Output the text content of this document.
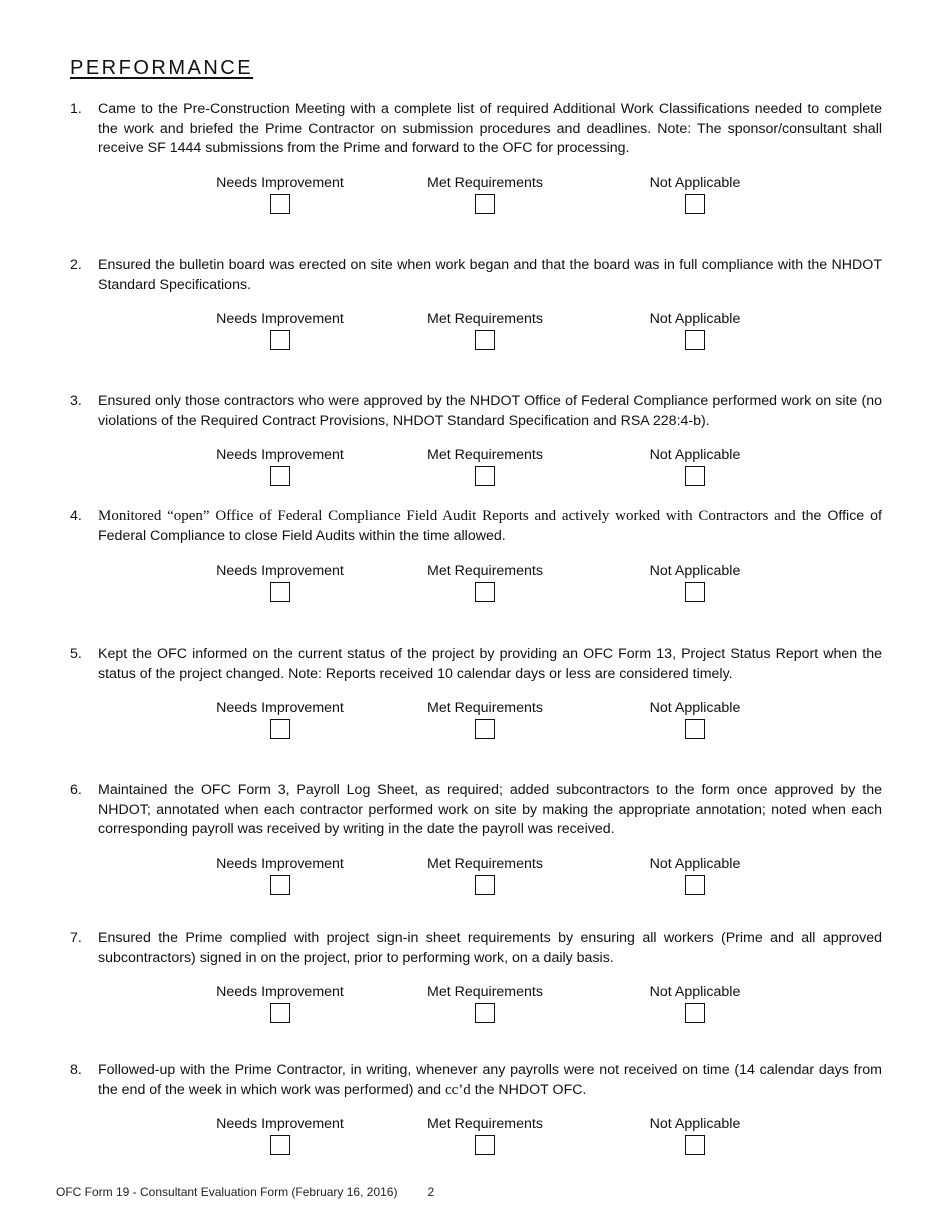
PERFORMANCE
1. Came to the Pre-Construction Meeting with a complete list of required Additional Work Classifications needed to complete the work and briefed the Prime Contractor on submission procedures and deadlines. Note: The sponsor/consultant shall receive SF 1444 submissions from the Prime and forward to the OFC for processing.
Needs Improvement	Met Requirements	Not Applicable
2. Ensured the bulletin board was erected on site when work began and that the board was in full compliance with the NHDOT Standard Specifications.
Needs Improvement	Met Requirements	Not Applicable
3. Ensured only those contractors who were approved by the NHDOT Office of Federal Compliance performed work on site (no violations of the Required Contract Provisions, NHDOT Standard Specification and RSA 228:4-b).
Needs Improvement	Met Requirements	Not Applicable
4. Monitored “open” Office of Federal Compliance Field Audit Reports and actively worked with Contractors and the Office of Federal Compliance to close Field Audits within the time allowed.
Needs Improvement	Met Requirements	Not Applicable
5. Kept the OFC informed on the current status of the project by providing an OFC Form 13, Project Status Report when the status of the project changed. Note: Reports received 10 calendar days or less are considered timely.
Needs Improvement	Met Requirements	Not Applicable
6. Maintained the OFC Form 3, Payroll Log Sheet, as required; added subcontractors to the form once approved by the NHDOT; annotated when each contractor performed work on site by making the appropriate annotation; noted when each corresponding payroll was received by writing in the date the payroll was received.
Needs Improvement	Met Requirements	Not Applicable
7. Ensured the Prime complied with project sign-in sheet requirements by ensuring all workers (Prime and all approved subcontractors) signed in on the project, prior to performing work, on a daily basis.
Needs Improvement	Met Requirements	Not Applicable
8. Followed-up with the Prime Contractor, in writing, whenever any payrolls were not received on time (14 calendar days from the end of the week in which work was performed) and cc’d the NHDOT OFC.
Needs Improvement	Met Requirements	Not Applicable
OFC Form 19 - Consultant Evaluation Form (February 16, 2016)	2
